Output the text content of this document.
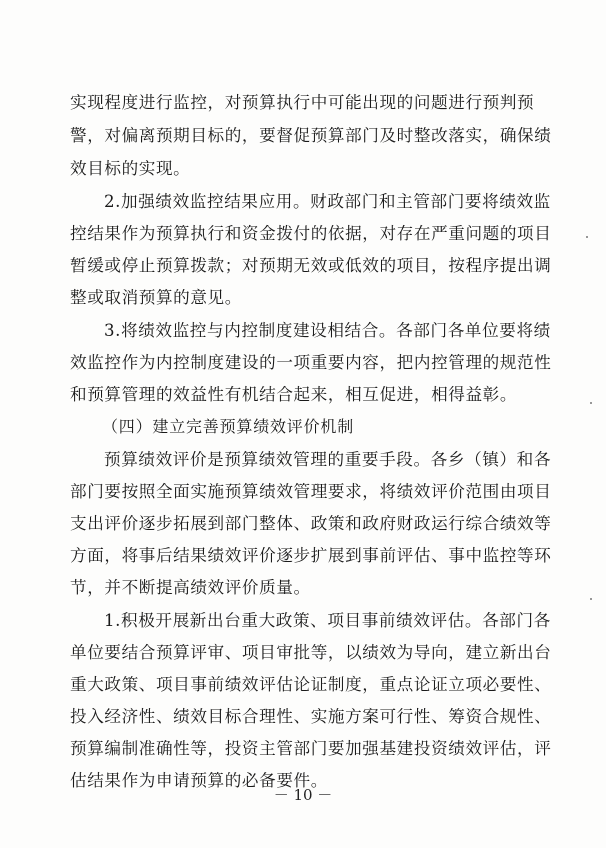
实现程度进行监控，对预算执行中可能出现的问题进行预判预
警，对偏离预期目标的，要督促预算部门及时整改落实，确保绩
效目标的实现。
2.加强绩效监控结果应用。财政部门和主管部门要将绩效监
控结果作为预算执行和资金拨付的依据，对存在严重问题的项目
暂缓或停止预算拨款；对预期无效或低效的项目，按程序提出调
整或取消预算的意见。
3.将绩效监控与内控制度建设相结合。各部门各单位要将绩
效监控作为内控制度建设的一项重要内容，把内控管理的规范性
和预算管理的效益性有机结合起来，相互促进，相得益彰。
（四）建立完善预算绩效评价机制
预算绩效评价是预算绩效管理的重要手段。各乡（镇）和各
部门要按照全面实施预算绩效管理要求，将绩效评价范围由项目
支出评价逐步拓展到部门整体、政策和政府财政运行综合绩效等
方面，将事后结果绩效评价逐步扩展到事前评估、事中监控等环
节，并不断提高绩效评价质量。
1.积极开展新出台重大政策、项目事前绩效评估。各部门各
单位要结合预算评审、项目审批等，以绩效为导向，建立新出台
重大政策、项目事前绩效评估论证制度，重点论证立项必要性、
投入经济性、绩效目标合理性、实施方案可行性、筹资合规性、
预算编制准确性等，投资主管部门要加强基建投资绩效评估，评
估结果作为申请预算的必备要件。
－ 10 －
